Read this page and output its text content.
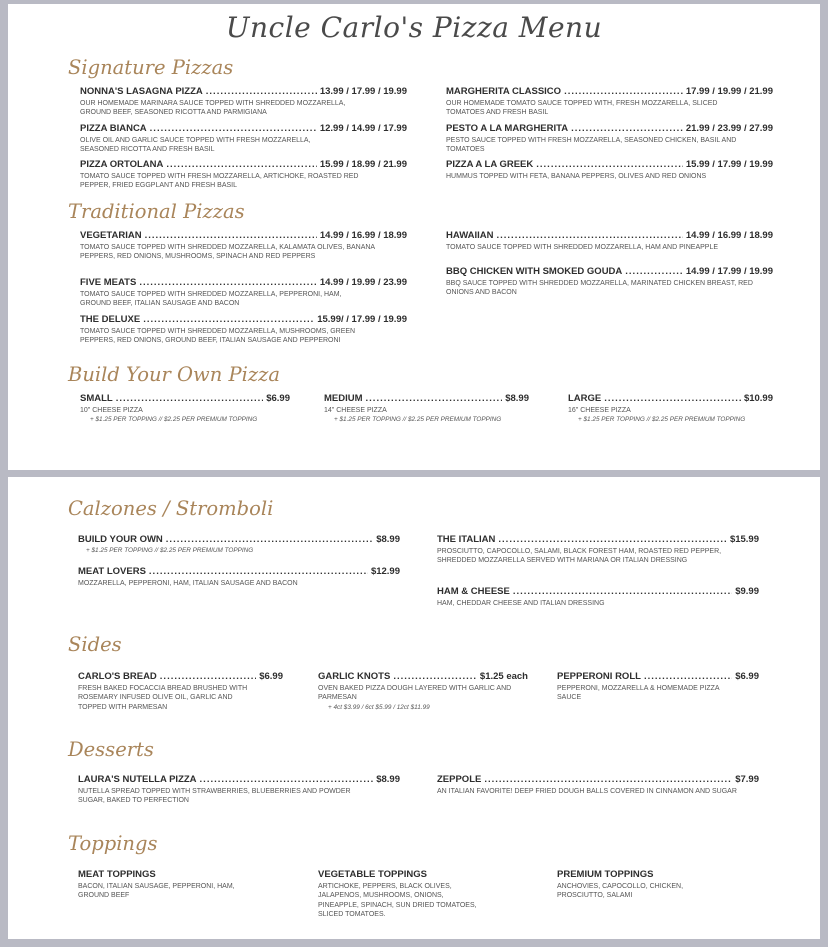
Uncle Carlo's Pizza Menu
Signature Pizzas
NONNA'S LASAGNA PIZZA .....	13.99 / 17.99 / 19.99
OUR HOMEMADE MARINARA SAUCE TOPPED WITH SHREDDED MOZZARELLA, GROUND BEEF, SEASONED RICOTTA AND PARMIGIANA
PIZZA BIANCA .....	12.99 / 14.99 / 17.99
OLIVE OIL AND GARLIC SAUCE TOPPED WITH FRESH MOZZARELLA, SEASONED RICOTTA AND FRESH BASIL
PIZZA ORTOLANA .....	15.99 / 18.99 / 21.99
TOMATO SAUCE TOPPED WITH FRESH MOZZARELLA, ARTICHOKE, ROASTED RED PEPPER, FRIED EGGPLANT AND FRESH BASIL
MARGHERITA CLASSICO .....	17.99 / 19.99 / 21.99
OUR HOMEMADE TOMATO SAUCE TOPPED WITH, FRESH MOZZARELLA, SLICED TOMATOES AND FRESH BASIL
PESTO A LA MARGHERITA .....	21.99 / 23.99 / 27.99
PESTO SAUCE TOPPED WITH FRESH MOZZARELLA, SEASONED CHICKEN, BASIL AND TOMATOES
PIZZA A LA GREEK .....	15.99 / 17.99 / 19.99
HUMMUS TOPPED WITH FETA, BANANA PEPPERS, OLIVES AND RED ONIONS
Traditional Pizzas
VEGETARIAN .....	14.99 / 16.99 / 18.99
TOMATO SAUCE TOPPED WITH SHREDDED MOZZARELLA, KALAMATA OLIVES, BANANA PEPPERS, RED ONIONS, MUSHROOMS, SPINACH AND RED PEPPERS
FIVE MEATS .....	14.99 / 19.99 / 23.99
TOMATO SAUCE TOPPED WITH SHREDDED MOZZARELLA, PEPPERONI, HAM, GROUND BEEF, ITALIAN SAUSAGE AND BACON
THE DELUXE .....	15.99/ / 17.99 / 19.99
TOMATO SAUCE TOPPED WITH SHREDDED MOZZARELLA, MUSHROOMS, GREEN PEPPERS, RED ONIONS, GROUND BEEF, ITALIAN SAUSAGE AND PEPPERONI
HAWAIIAN .....	14.99 / 16.99 / 18.99
TOMATO SAUCE TOPPED WITH SHREDDED MOZZARELLA, HAM AND PINEAPPLE
BBQ CHICKEN WITH SMOKED GOUDA .....	14.99 / 17.99 / 19.99
BBQ SAUCE TOPPED WITH SHREDDED MOZZARELLA, MARINATED CHICKEN BREAST, RED ONIONS AND BACON
Build Your Own Pizza
SMALL .....	$6.99
10" CHEESE PIZZA
+ $1.25 PER TOPPING // $2.25 PER PREMIUM TOPPING
MEDIUM .....	$8.99
14" CHEESE PIZZA
+ $1.25 PER TOPPING // $2.25 PER PREMIUM TOPPING
LARGE .....	$10.99
16" CHEESE PIZZA
+ $1.25 PER TOPPING // $2.25 PER PREMIUM TOPPING
Calzones / Stromboli
BUILD YOUR OWN .....	$8.99
+ $1.25 PER TOPPING // $2.25 PER PREMIUM TOPPING
MEAT LOVERS .....	$12.99
MOZZARELLA, PEPPERONI, HAM, ITALIAN SAUSAGE AND BACON
THE ITALIAN .....	$15.99
PROSCIUTTO, CAPOCOLLO, SALAMI, BLACK FOREST HAM, ROASTED RED PEPPER, SHREDDED MOZZARELLA SERVED WITH MARIANA OR ITALIAN DRESSING
HAM & CHEESE .....	$9.99
HAM, CHEDDAR CHEESE AND ITALIAN DRESSING
Sides
CARLO'S BREAD .....	$6.99
FRESH BAKED FOCACCIA BREAD BRUSHED WITH ROSEMARY INFUSED OLIVE OIL, GARLIC AND TOPPED WITH PARMESAN
GARLIC KNOTS .....	$1.25 each
OVEN BAKED PIZZA DOUGH LAYERED WITH GARLIC AND PARMESAN
+ 4ct $3.99 / 6ct $5.99 / 12ct $11.99
PEPPERONI ROLL .....	$6.99
PEPPERONI, MOZZARELLA & HOMEMADE PIZZA SAUCE
Desserts
LAURA'S NUTELLA PIZZA .....	$8.99
NUTELLA SPREAD TOPPED WITH STRAWBERRIES, BLUEBERRIES AND POWDER SUGAR, BAKED TO PERFECTION
ZEPPOLE .....	$7.99
AN ITALIAN FAVORITE! DEEP FRIED DOUGH BALLS COVERED IN CINNAMON AND SUGAR
Toppings
MEAT TOPPINGS
BACON, ITALIAN SAUSAGE, PEPPERONI, HAM, GROUND BEEF
VEGETABLE TOPPINGS
ARTICHOKE, PEPPERS, BLACK OLIVES, JALAPENOS, MUSHROOMS, ONIONS, PINEAPPLE, SPINACH, SUN DRIED TOMATOES, SLICED TOMATOES.
PREMIUM TOPPINGS
ANCHOVIES, CAPOCOLLO, CHICKEN, PROSCIUTTO, SALAMI
